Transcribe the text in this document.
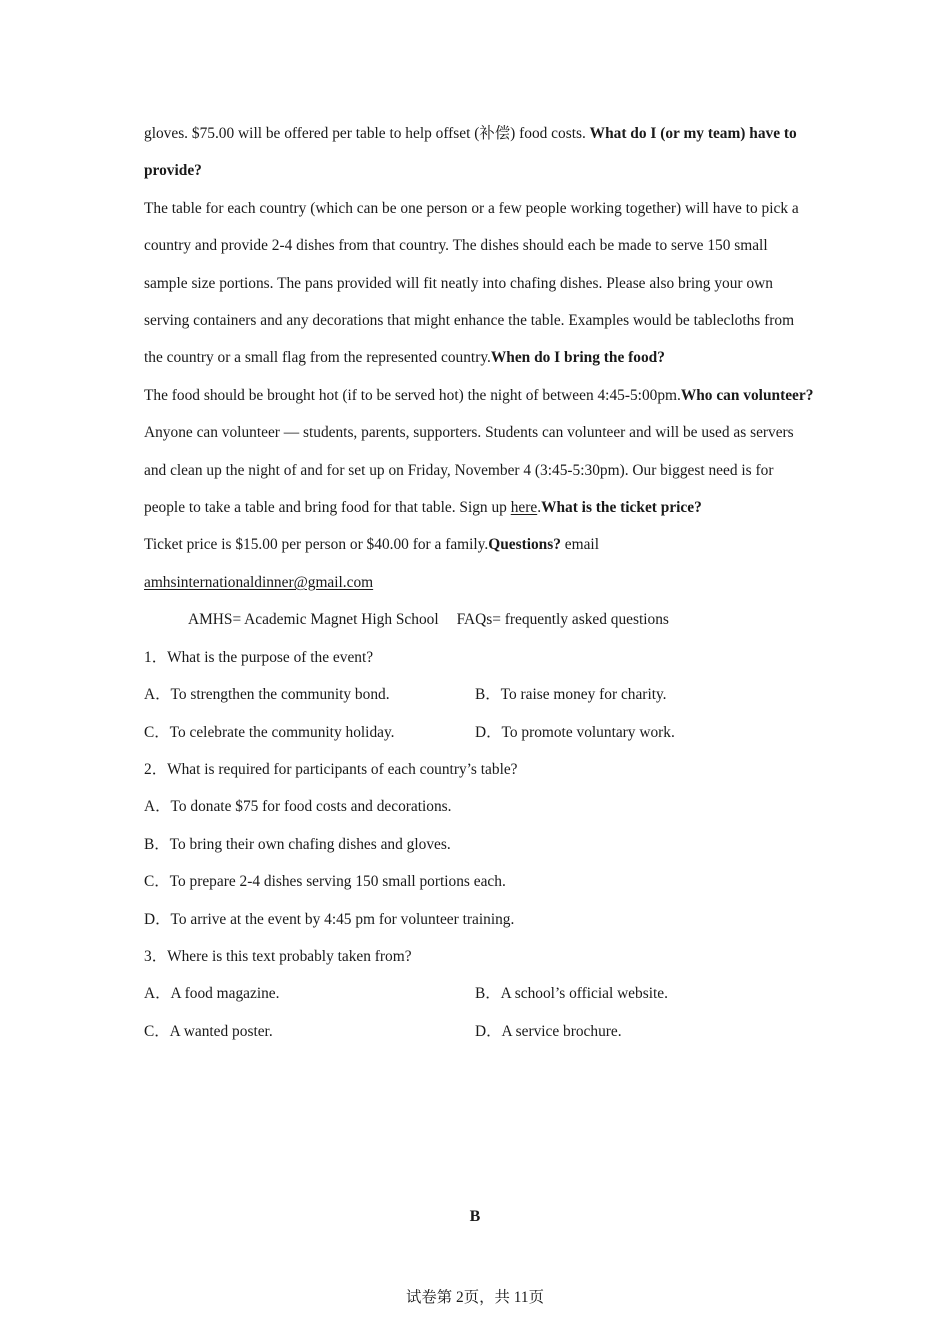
gloves. $75.00 will be offered per table to help offset (补偿) food costs. What do I (or my team) have to provide?

The table for each country (which can be one person or a few people working together) will have to pick a country and provide 2-4 dishes from that country. The dishes should each be made to serve 150 small sample size portions. The pans provided will fit neatly into chafing dishes. Please also bring your own serving containers and any decorations that might enhance the table. Examples would be tablecloths from the country or a small flag from the represented country.When do I bring the food?

The food should be brought hot (if to be served hot) the night of between 4:45-5:00pm.Who can volunteer?

Anyone can volunteer — students, parents, supporters. Students can volunteer and will be used as servers and clean up the night of and for set up on Friday, November 4 (3:45-5:30pm). Our biggest need is for people to take a table and bring food for that table. Sign up here.What is the ticket price?

Ticket price is $15.00 per person or $40.00 for a family.Questions? email

amhsinternationaldinner@gmail.com

AMHS= Academic Magnet High School FAQs= frequently asked questions

1．What is the purpose of the event?

A．To strengthen the community bond.	B．To raise money for charity.
C．To celebrate the community holiday.	D．To promote voluntary work.

2．What is required for participants of each country’s table?

A．To donate $75 for food costs and decorations.

B．To bring their own chafing dishes and gloves.

C．To prepare 2-4 dishes serving 150 small portions each.

D．To arrive at the event by 4:45 pm for volunteer training.

3．Where is this text probably taken from?

A．A food magazine.	B．A school’s official website.
C．A wanted poster.	D．A service brochure.
B
试卷第 2页，共 11页
